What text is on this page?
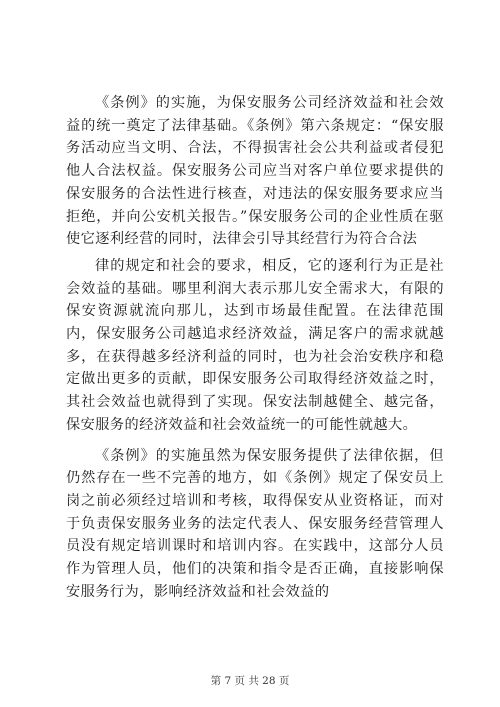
《条例》的实施，为保安服务公司经济效益和社会效益的统一奠定了法律基础。《条例》第六条规定：“保安服务活动应当文明、合法，不得损害社会公共利益或者侵犯他人合法权益。保安服务公司应当对客户单位要求提供的保安服务的合法性进行核查，对违法的保安服务要求应当拒绝，并向公安机关报告。”保安服务公司的企业性质在驱使它逐利经营的同时，法律会引导其经营行为符合合法

律的规定和社会的要求，相反，它的逐利行为正是社会效益的基础。哪里利润大表示那儿安全需求大，有限的保安资源就流向那儿，达到市场最佳配置。在法律范围内，保安服务公司越追求经济效益，满足客户的需求就越多，在获得越多经济利益的同时，也为社会治安秩序和稳定做出更多的贡献，即保安服务公司取得经济效益之时，其社会效益也就得到了实现。保安法制越健全、越完备，保安服务的经济效益和社会效益统一的可能性就越大。

《条例》的实施虽然为保安服务提供了法律依据，但仍然存在一些不完善的地方，如《条例》规定了保安员上岗之前必须经过培训和考核，取得保安从业资格证，而对于负责保安服务业务的法定代表人、保安服务经营管理人员没有规定培训课时和培训内容。在实践中，这部分人员作为管理人员，他们的决策和指令是否正确，直接影响保安服务行为，影响经济效益和社会效益的

第 7 页 共 28 页
